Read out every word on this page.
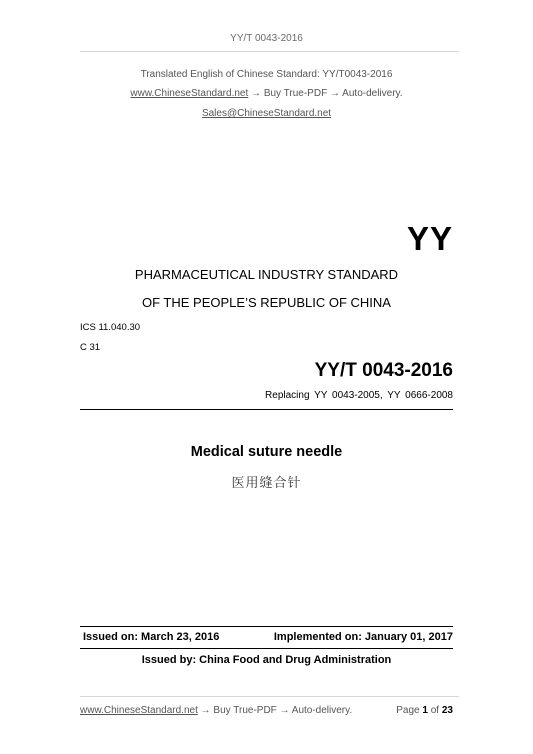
YY/T 0043-2016
Translated English of Chinese Standard: YY/T0043-2016
www.ChineseStandard.net → Buy True-PDF → Auto-delivery.
Sales@ChineseStandard.net
YY
PHARMACEUTICAL INDUSTRY STANDARD
OF THE PEOPLE’S REPUBLIC OF CHINA
ICS 11.040.30
C 31
YY/T 0043-2016
Replacing YY 0043-2005, YY 0666-2008
Medical suture needle
医用缝合针
Issued on: March 23, 2016	Implemented on: January 01, 2017
Issued by: China Food and Drug Administration
www.ChineseStandard.net → Buy True-PDF → Auto-delivery.	Page 1 of 23
